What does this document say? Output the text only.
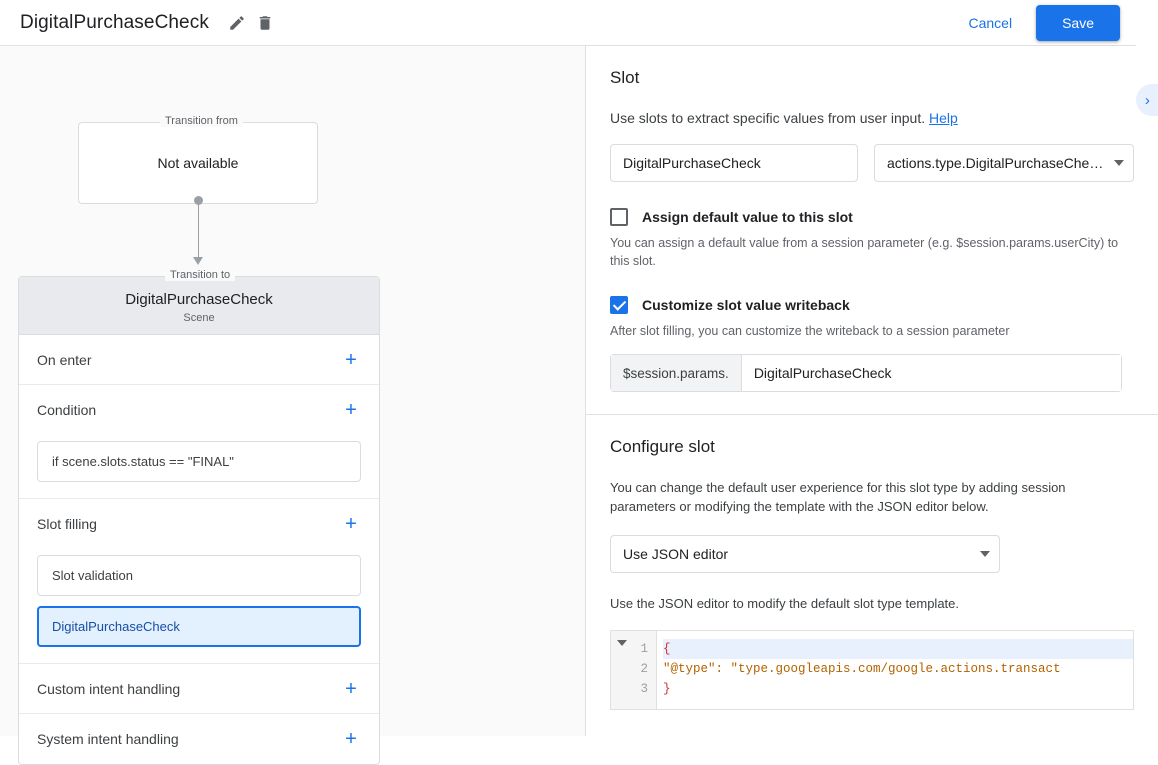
DigitalPurchaseCheck	Cancel	Save
Transition from
Not available
Transition to
DigitalPurchaseCheck
Scene
On enter	+
Condition	+
if scene.slots.status == "FINAL"
Slot filling	+
Slot validation
DigitalPurchaseCheck
Custom intent handling	+
System intent handling	+
›
Slot

Use slots to extract specific values from user input. Help

DigitalPurchaseCheck
actions.type.DigitalPurchaseChe…
Assign default value to this slot
You can assign a default value from a session parameter (e.g. $session.params.userCity) to this slot.
Customize slot value writeback
After slot filling, you can customize the writeback to a session parameter
$session.params.
DigitalPurchaseCheck
Configure slot
You can change the default user experience for this slot type by adding session parameters or modifying the template with the JSON editor below.
Use JSON editor
Use the JSON editor to modify the default slot type template.
1
2
3
{
"@type": "type.googleapis.com/google.actions.transact
}
